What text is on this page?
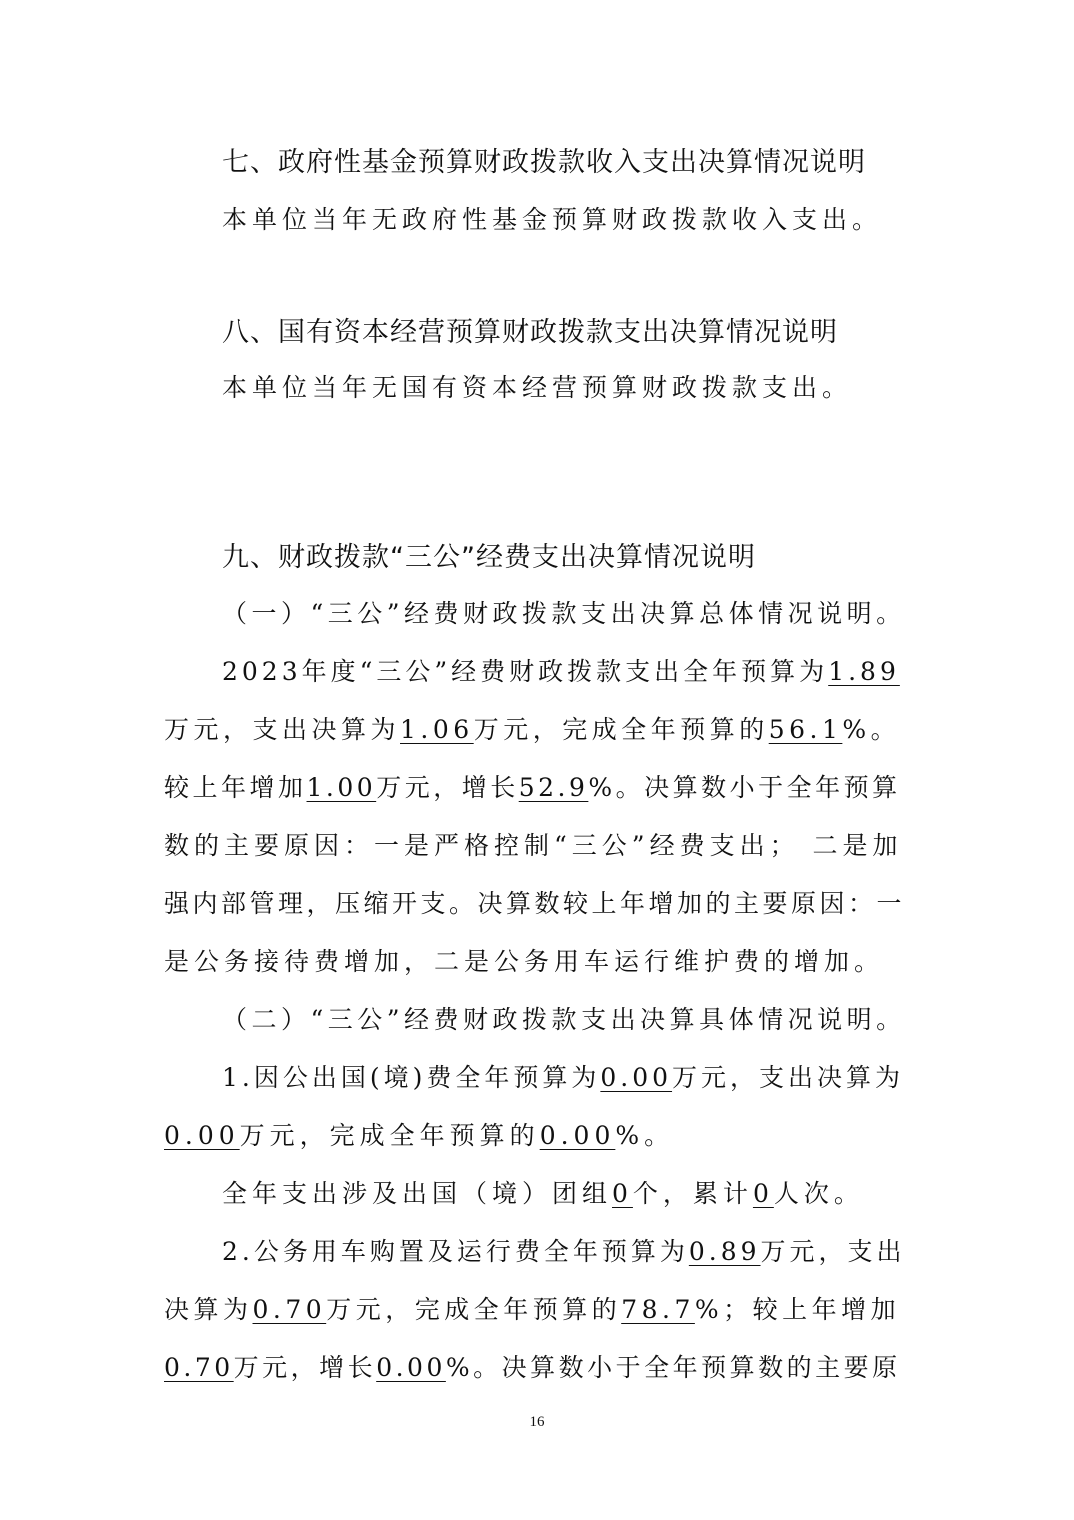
七、政府性基金预算财政拨款收入支出决算情况说明
本单位当年无政府性基金预算财政拨款收入支出。
八、国有资本经营预算财政拨款支出决算情况说明
本单位当年无国有资本经营预算财政拨款支出。
九、财政拨款“三公”经费支出决算情况说明
（一）“三公”经费财政拨款支出决算总体情况说明。
2023年度“三公”经费财政拨款支出全年预算为1.89
万元，支出决算为1.06万元，完成全年预算的56.1%。
较上年增加1.00万元，增长52.9%。决算数小于全年预算
数的主要原因：一是严格控制“三公”经费支出； 二是加
强内部管理，压缩开支。决算数较上年增加的主要原因：一
是公务接待费增加，二是公务用车运行维护费的增加。
（二）“三公”经费财政拨款支出决算具体情况说明。
1.因公出国(境)费全年预算为0.00万元，支出决算为
0.00万元，完成全年预算的0.00%。
全年支出涉及出国（境）团组0个，累计0人次。
2.公务用车购置及运行费全年预算为0.89万元，支出
决算为0.70万元，完成全年预算的78.7%；较上年增加
0.70万元，增长0.00%。决算数小于全年预算数的主要原
16
